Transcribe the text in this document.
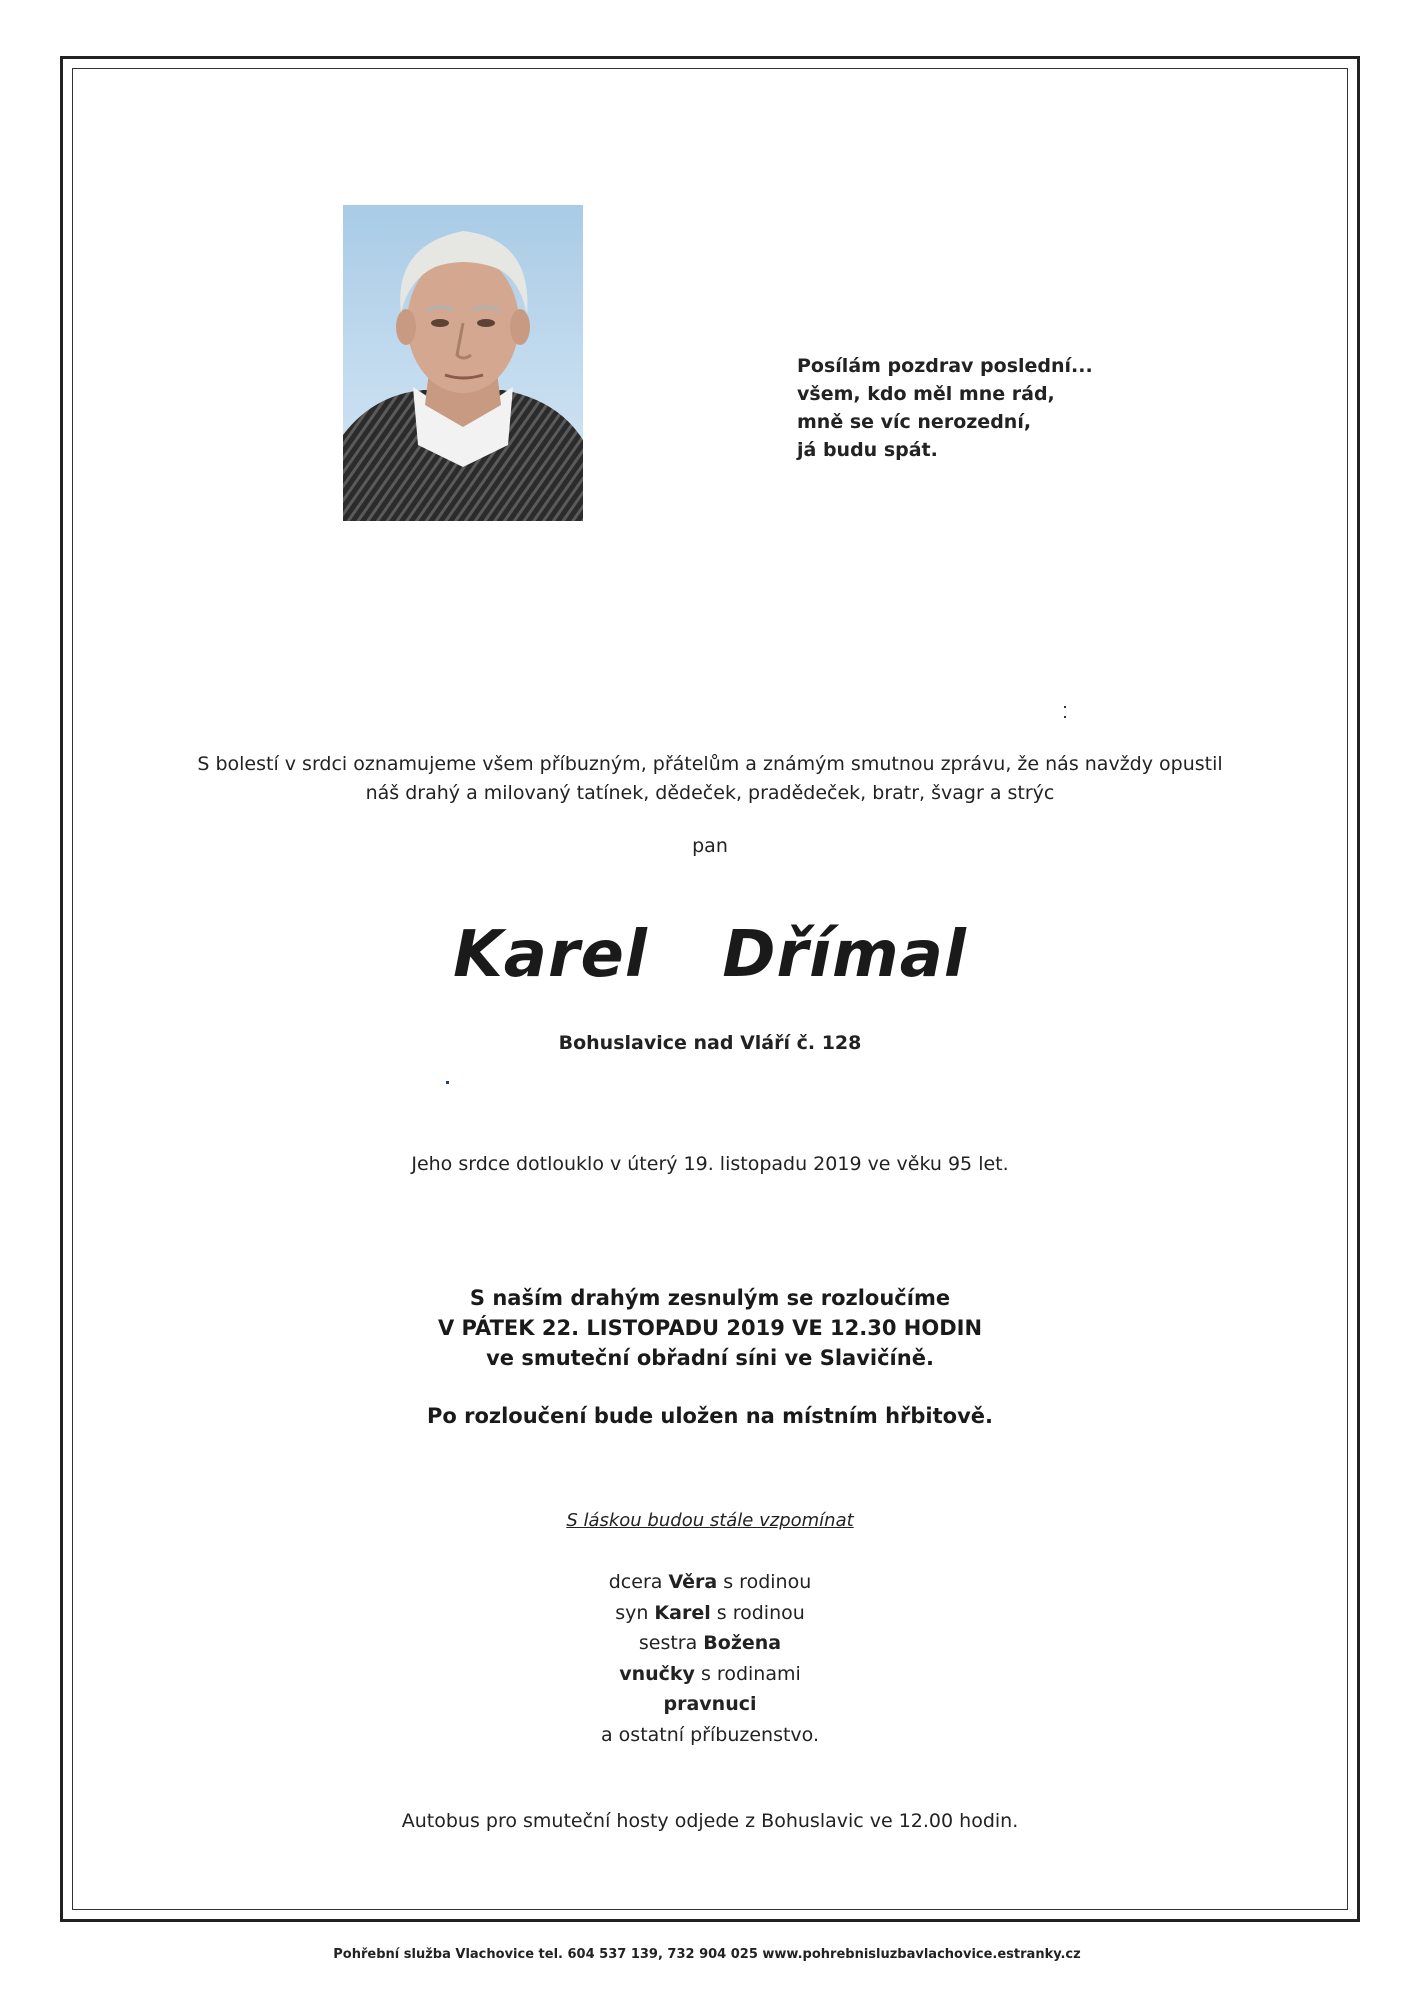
Posílám pozdrav poslední...
všem, kdo měl mne rád,
mně se víc nerozední,
já budu spát.
S bolestí v srdci oznamujeme všem příbuzným, přátelům a známým smutnou zprávu, že nás navždy opustil
náš drahý a milovaný tatínek, dědeček, pradědeček, bratr, švagr a strýc
pan
Karel  Dřímal
Bohuslavice nad Vláří č. 128
Jeho srdce dotlouklo v úterý 19. listopadu 2019 ve věku 95 let.
S naším drahým zesnulým se rozloučíme
V PÁTEK 22. LISTOPADU 2019 VE 12.30 HODIN
ve smuteční obřadní síni ve Slavičíně.
Po rozloučení bude uložen na místním hřbitově.
S láskou budou stále vzpomínat
dcera Věra s rodinou
syn Karel s rodinou
sestra Božena
vnučky s rodinami
pravnuci
a ostatní příbuzenstvo.
Autobus pro smuteční hosty odjede z Bohuslavic ve 12.00 hodin.
Pohřební služba Vlachovice tel. 604 537 139, 732 904 025 www.pohrebnisluzbavlachovice.estranky.cz
